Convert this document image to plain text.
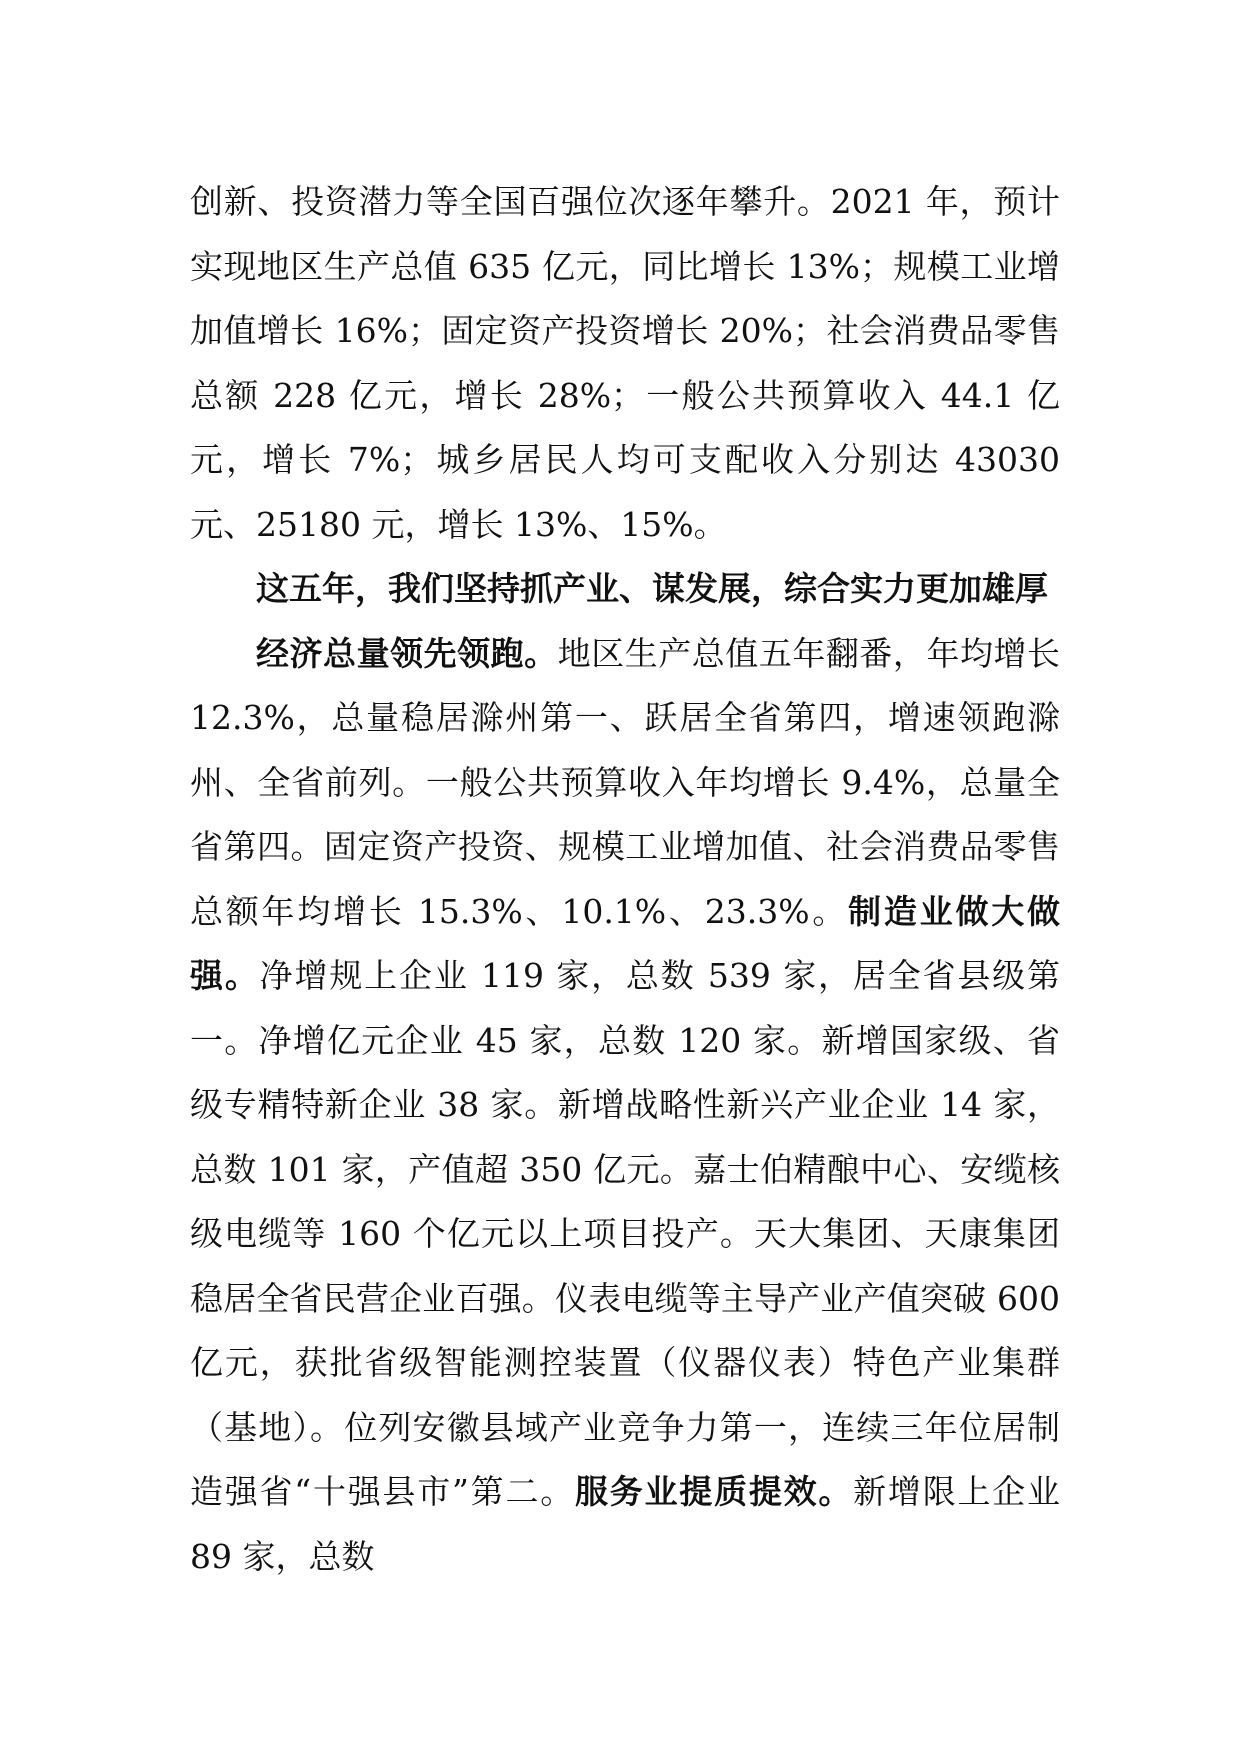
创新、投资潜力等全国百强位次逐年攀升。2021 年，预计实现地区生产总值 635 亿元，同比增长 13%；规模工业增加值增长 16%；固定资产投资增长 20%；社会消费品零售总额 228 亿元，增长 28%；一般公共预算收入 44.1 亿元，增长 7%；城乡居民人均可支配收入分别达 43030 元、25180 元，增长 13%、15%。

这五年，我们坚持抓产业、谋发展，综合实力更加雄厚

经济总量领先领跑。地区生产总值五年翻番，年均增长 12.3%，总量稳居滁州第一、跃居全省第四，增速领跑滁州、全省前列。一般公共预算收入年均增长 9.4%，总量全省第四。固定资产投资、规模工业增加值、社会消费品零售总额年均增长 15.3%、10.1%、23.3%。制造业做大做强。净增规上企业 119 家，总数 539 家，居全省县级第一。净增亿元企业 45 家，总数 120 家。新增国家级、省级专精特新企业 38 家。新增战略性新兴产业企业 14 家，总数 101 家，产值超 350 亿元。嘉士伯精酿中心、安缆核级电缆等 160 个亿元以上项目投产。天大集团、天康集团稳居全省民营企业百强。仪表电缆等主导产业产值突破 600 亿元，获批省级智能测控装置（仪器仪表）特色产业集群（基地）。位列安徽县域产业竞争力第一，连续三年位居制造强省“十强县市”第二。服务业提质提效。新增限上企业 89 家，总数
